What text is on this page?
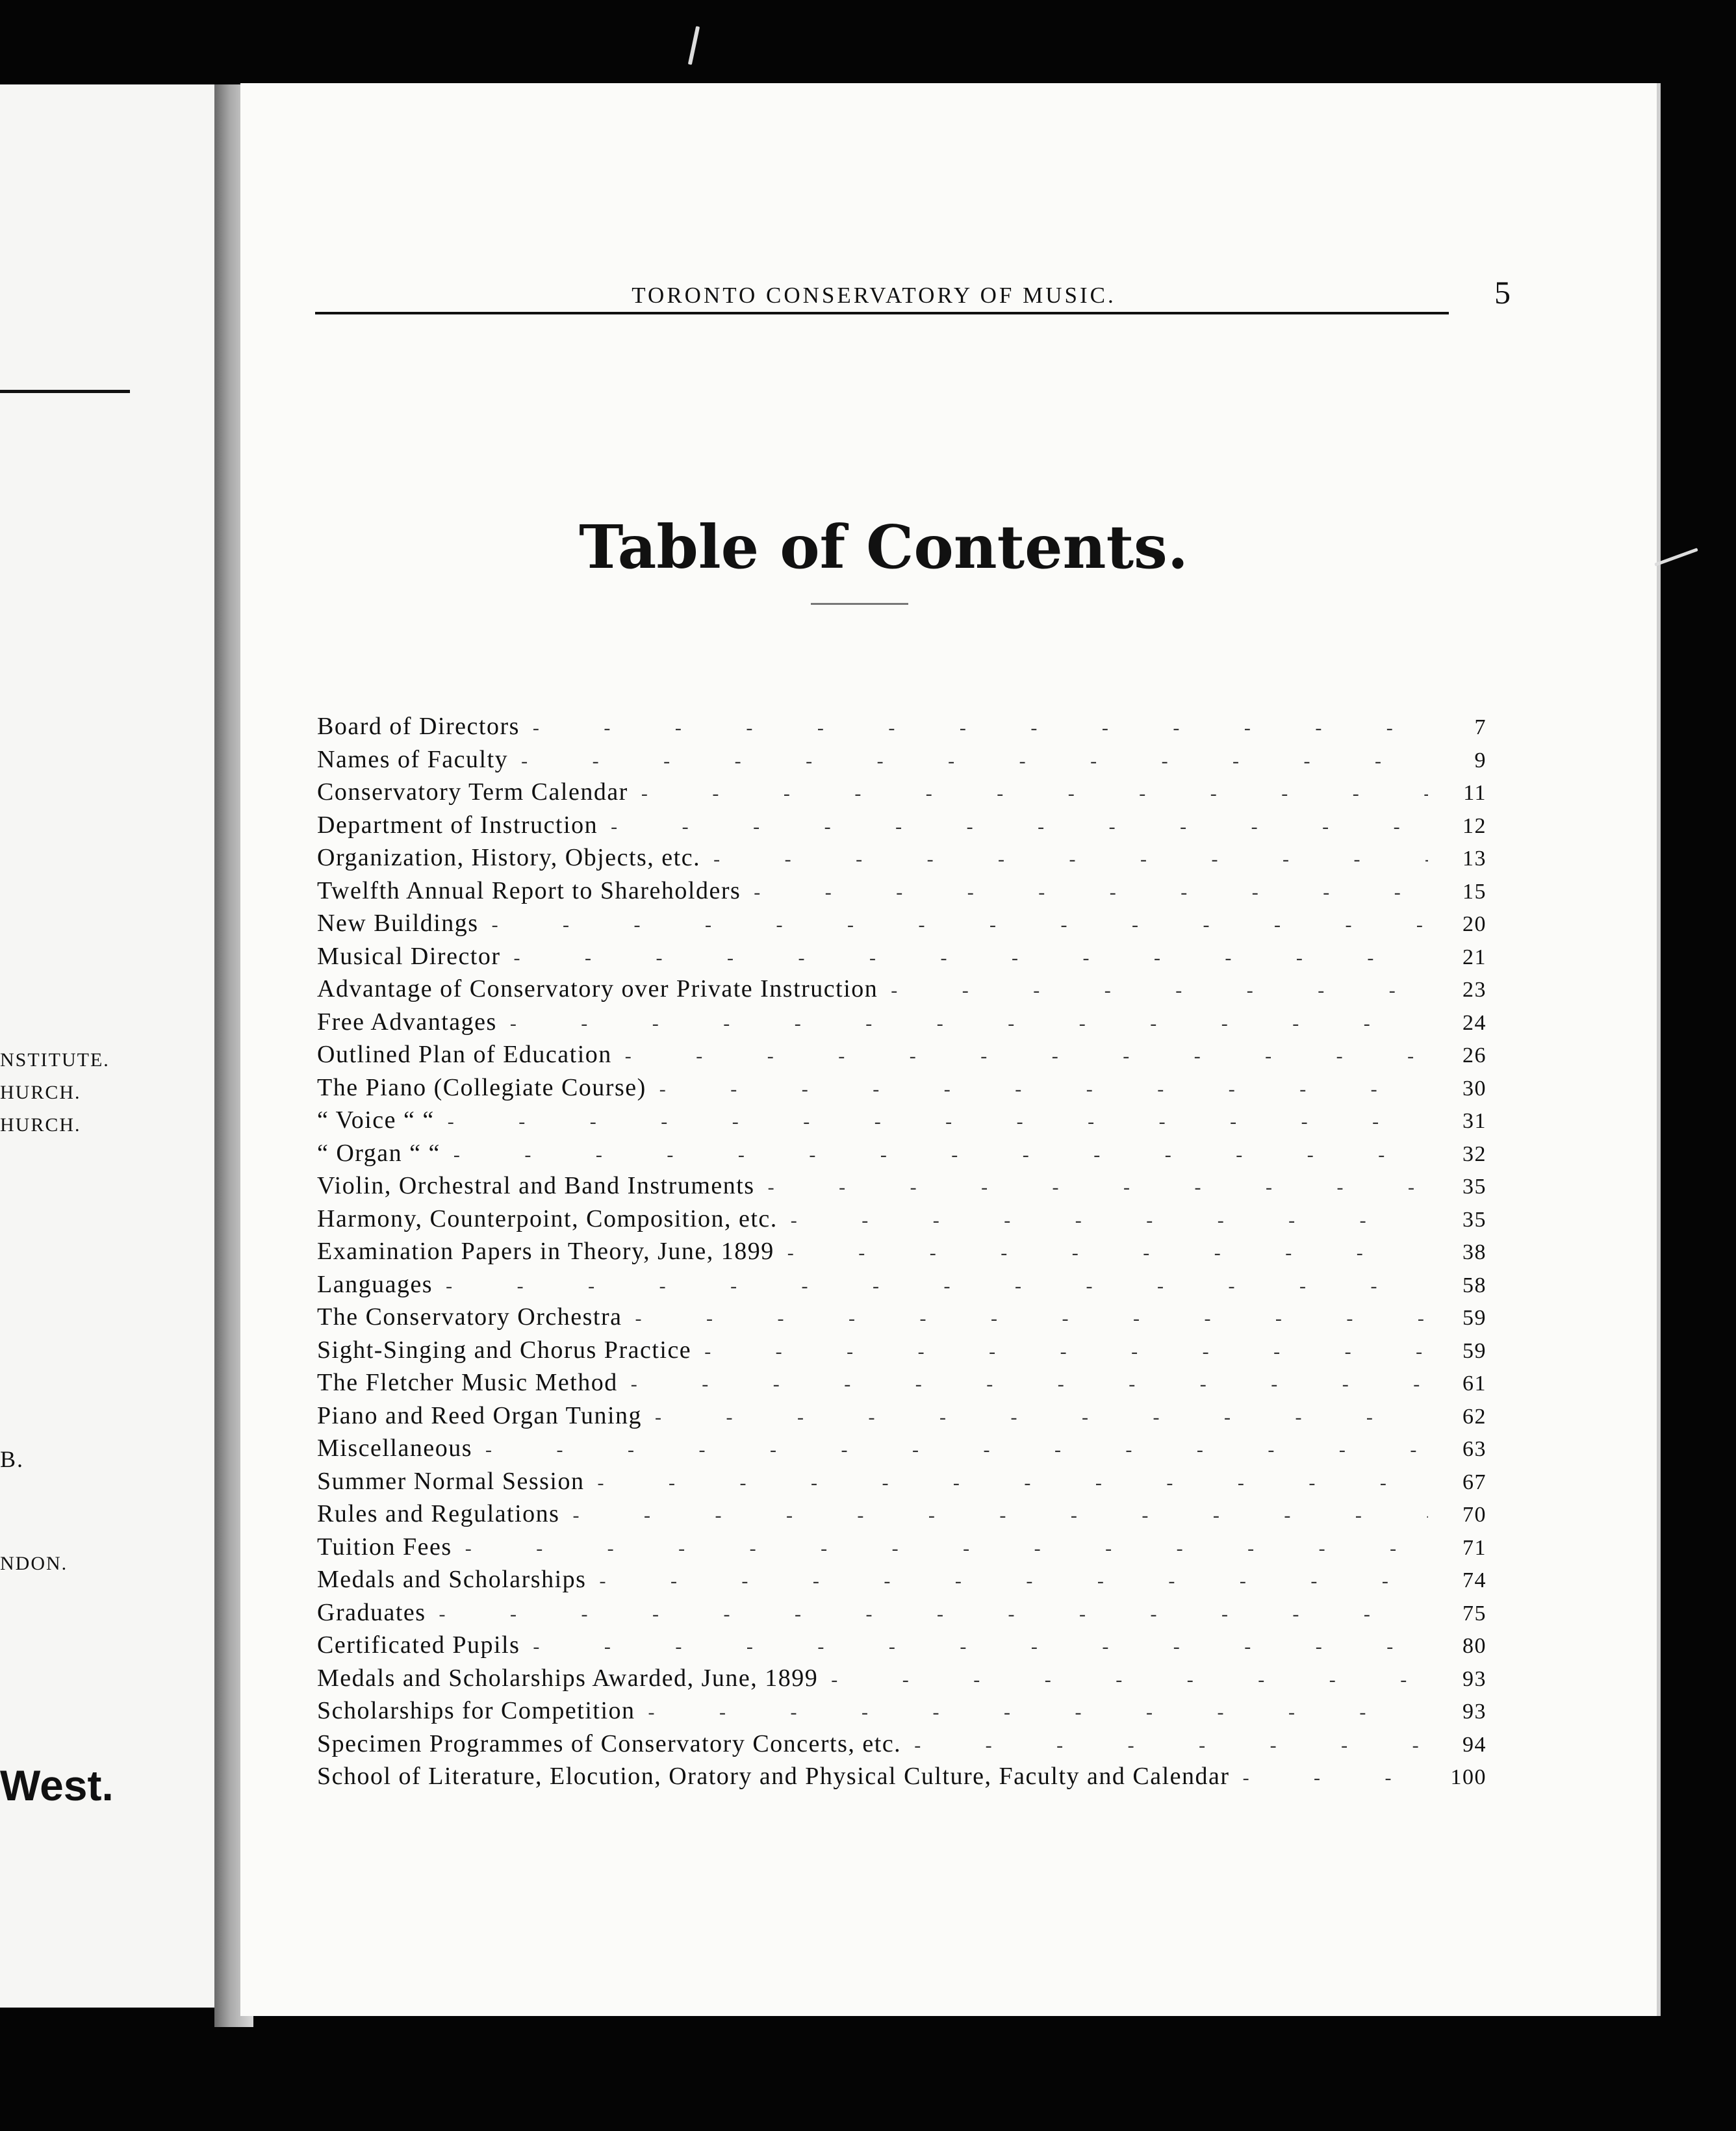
NSTITUTE.
HURCH.
HURCH.
B.
NDON.
West.
TORONTO CONSERVATORY OF MUSIC.	5
Table of Contents.
Board of Directors - - -	7
Names of Faculty - - -	9
Conservatory Term Calendar - - -	11
Department of Instruction - - -	12
Organization, History, Objects, etc. - - -	13
Twelfth Annual Report to Shareholders - - -	15
New Buildings - - -	20
Musical Director - - -	21
Advantage of Conservatory over Private Instruction - - -	23
Free Advantages - - -	24
Outlined Plan of Education - - -	26
The Piano (Collegiate Course) - - -	30
“ Voice “ “ - - -	31
“ Organ “ “ - - -	32
Violin, Orchestral and Band Instruments - - -	35
Harmony, Counterpoint, Composition, etc. - - -	35
Examination Papers in Theory, June, 1899 - - -	38
Languages - - -	58
The Conservatory Orchestra - - -	59
Sight-Singing and Chorus Practice - - -	59
The Fletcher Music Method - - -	61
Piano and Reed Organ Tuning - - -	62
Miscellaneous - - -	63
Summer Normal Session - - -	67
Rules and Regulations - - -	70
Tuition Fees - - -	71
Medals and Scholarships - - -	74
Graduates - - -	75
Certificated Pupils - - -	80
Medals and Scholarships Awarded, June, 1899 - - -	93
Scholarships for Competition - - -	93
Specimen Programmes of Conservatory Concerts, etc. - - -	94
School of Literature, Elocution, Oratory and Physical Culture, Faculty and Calendar - - -	100
